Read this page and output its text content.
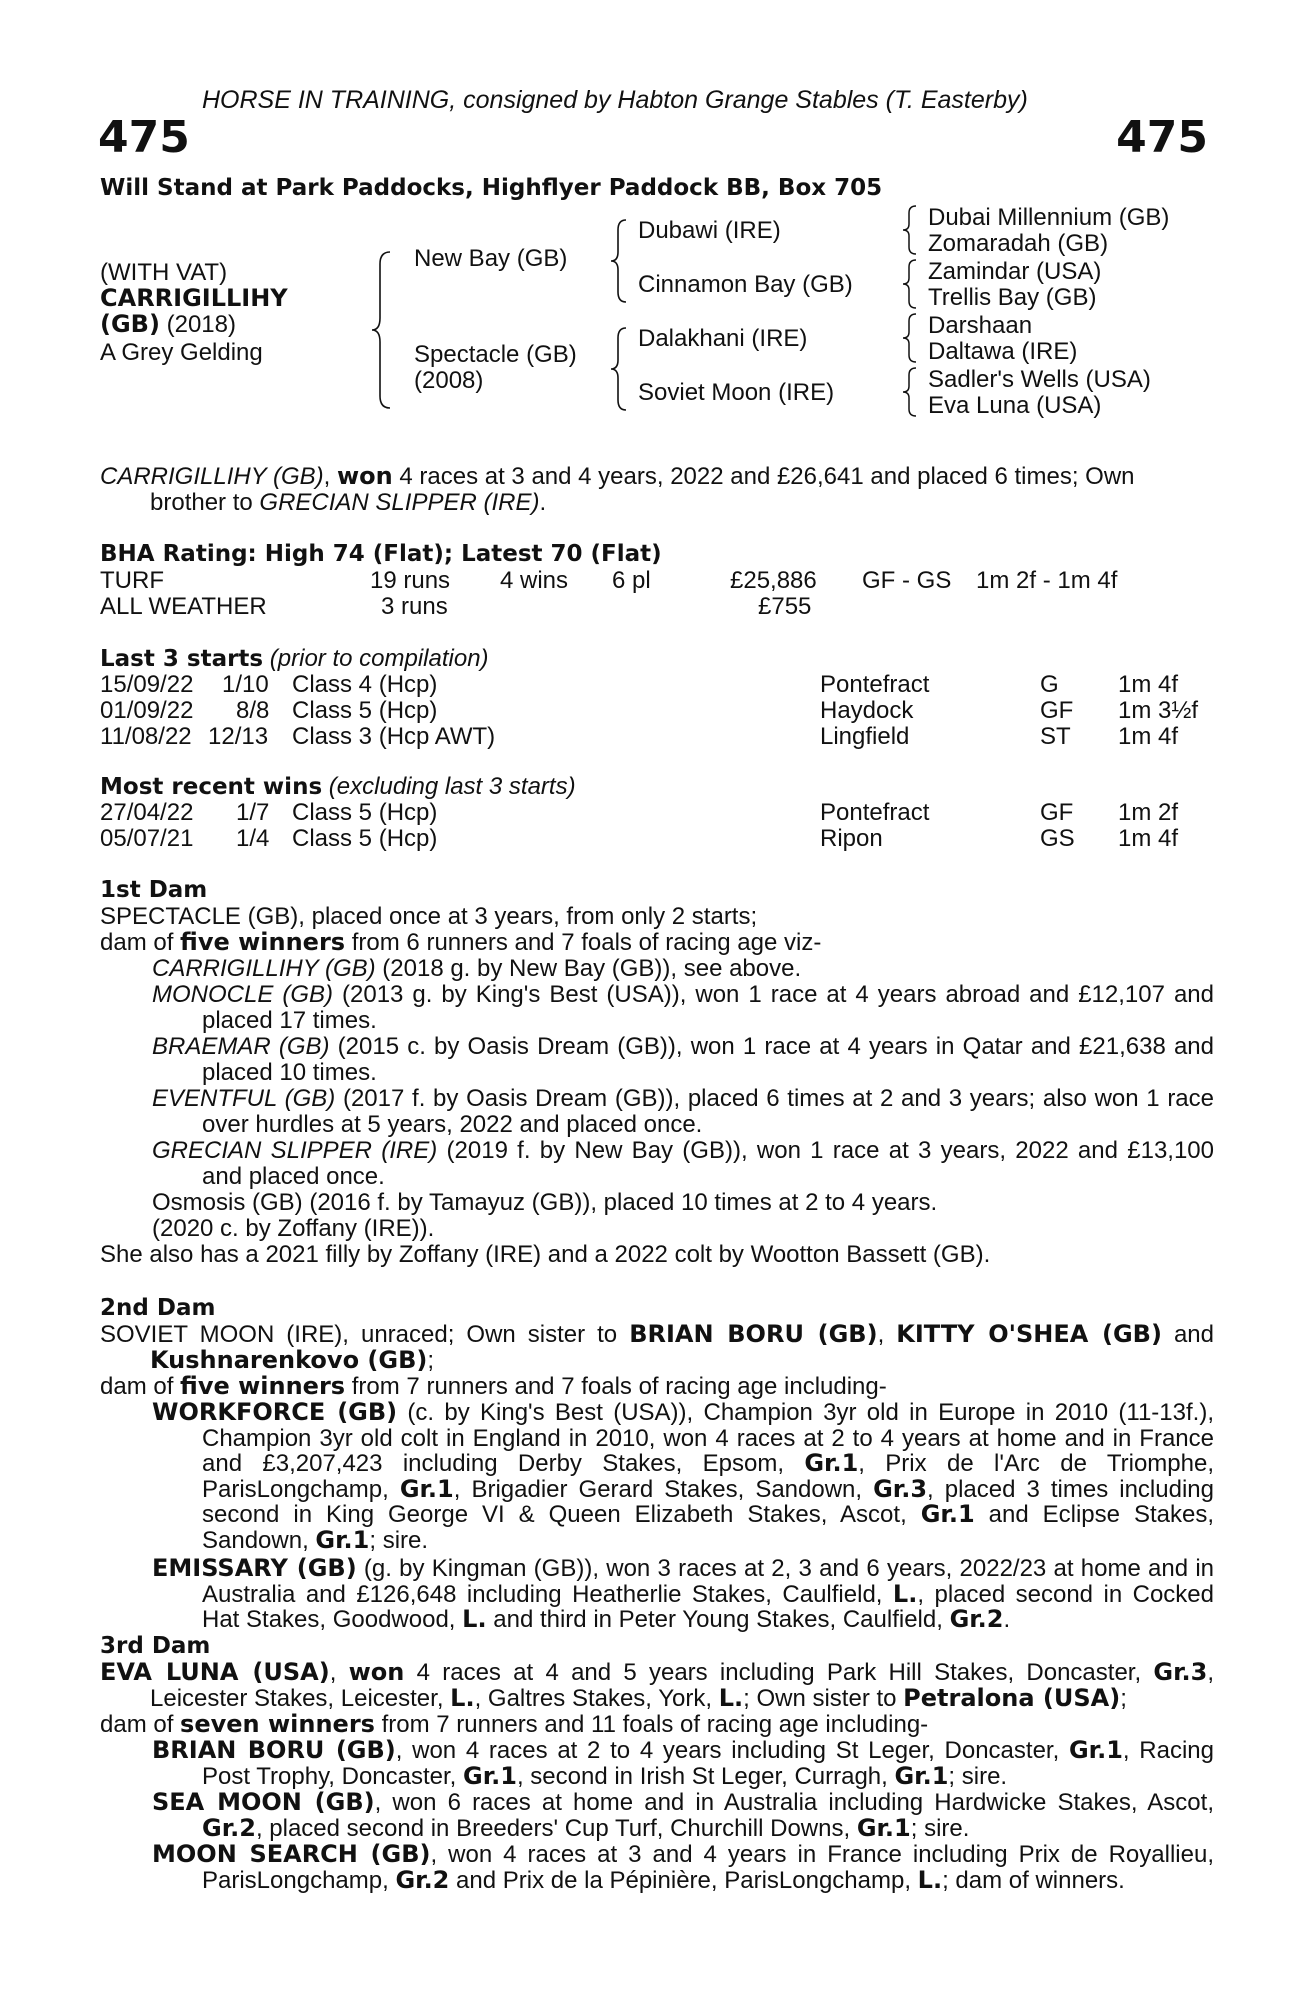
HORSE IN TRAINING, consigned by Habton Grange Stables (T. Easterby)
475	475
Will Stand at Park Paddocks, Highflyer Paddock BB, Box 705
(WITH VAT)
CARRIGILLIHY
(GB) (2018)
A Grey Gelding
New Bay (GB)
Spectacle (GB)
(2008)
Dubawi (IRE)
Cinnamon Bay (GB)
Dalakhani (IRE)
Soviet Moon (IRE)
Dubai Millennium (GB)
Zomaradah (GB)
Zamindar (USA)
Trellis Bay (GB)
Darshaan
Daltawa (IRE)
Sadler's Wells (USA)
Eva Luna (USA)
CARRIGILLIHY (GB), won 4 races at 3 and 4 years, 2022 and £26,641 and placed 6 times; Own
brother to GRECIAN SLIPPER (IRE).
BHA Rating: High 74 (Flat); Latest 70 (Flat)
TURF	19 runs 4 wins 6 pl	£25,886 GF - GS 1m 2f - 1m 4f
ALL WEATHER	3 runs	£755
Last 3 starts (prior to compilation)
15/09/22 1/10 Class 4 (Hcp)	Pontefract	G 1m 4f
01/09/22 8/8 Class 5 (Hcp)	Haydock	GF 1m 3½f
11/08/22 12/13 Class 3 (Hcp AWT)	Lingfield	ST 1m 4f
Most recent wins (excluding last 3 starts)
27/04/22 1/7 Class 5 (Hcp)	Pontefract	GF 1m 2f
05/07/21 1/4 Class 5 (Hcp)	Ripon	GS 1m 4f
1st Dam
SPECTACLE (GB), placed once at 3 years, from only 2 starts;
dam of five winners from 6 runners and 7 foals of racing age viz-
CARRIGILLIHY (GB) (2018 g. by New Bay (GB)), see above.
MONOCLE (GB) (2013 g. by King's Best (USA)), won 1 race at 4 years abroad and £12,107 and placed 17 times.
BRAEMAR (GB) (2015 c. by Oasis Dream (GB)), won 1 race at 4 years in Qatar and £21,638 and placed 10 times.
EVENTFUL (GB) (2017 f. by Oasis Dream (GB)), placed 6 times at 2 and 3 years; also won 1 race over hurdles at 5 years, 2022 and placed once.
GRECIAN SLIPPER (IRE) (2019 f. by New Bay (GB)), won 1 race at 3 years, 2022 and £13,100 and placed once.
Osmosis (GB) (2016 f. by Tamayuz (GB)), placed 10 times at 2 to 4 years.
(2020 c. by Zoffany (IRE)).
She also has a 2021 filly by Zoffany (IRE) and a 2022 colt by Wootton Bassett (GB).
2nd Dam
SOVIET MOON (IRE), unraced; Own sister to BRIAN BORU (GB), KITTY O'SHEA (GB) and Kushnarenkovo (GB);
dam of five winners from 7 runners and 7 foals of racing age including-
WORKFORCE (GB) (c. by King's Best (USA)), Champion 3yr old in Europe in 2010 (11-13f.), Champion 3yr old colt in England in 2010, won 4 races at 2 to 4 years at home and in France and £3,207,423 including Derby Stakes, Epsom, Gr.1, Prix de l'Arc de Triomphe, ParisLongchamp, Gr.1, Brigadier Gerard Stakes, Sandown, Gr.3, placed 3 times including second in King George VI & Queen Elizabeth Stakes, Ascot, Gr.1 and Eclipse Stakes, Sandown, Gr.1; sire.
EMISSARY (GB) (g. by Kingman (GB)), won 3 races at 2, 3 and 6 years, 2022/23 at home and in Australia and £126,648 including Heatherlie Stakes, Caulfield, L., placed second in Cocked Hat Stakes, Goodwood, L. and third in Peter Young Stakes, Caulfield, Gr.2.
3rd Dam
EVA LUNA (USA), won 4 races at 4 and 5 years including Park Hill Stakes, Doncaster, Gr.3, Leicester Stakes, Leicester, L., Galtres Stakes, York, L.; Own sister to Petralona (USA);
dam of seven winners from 7 runners and 11 foals of racing age including-
BRIAN BORU (GB), won 4 races at 2 to 4 years including St Leger, Doncaster, Gr.1, Racing Post Trophy, Doncaster, Gr.1, second in Irish St Leger, Curragh, Gr.1; sire.
SEA MOON (GB), won 6 races at home and in Australia including Hardwicke Stakes, Ascot, Gr.2, placed second in Breeders' Cup Turf, Churchill Downs, Gr.1; sire.
MOON SEARCH (GB), won 4 races at 3 and 4 years in France including Prix de Royallieu, ParisLongchamp, Gr.2 and Prix de la Pépinière, ParisLongchamp, L.; dam of winners.
